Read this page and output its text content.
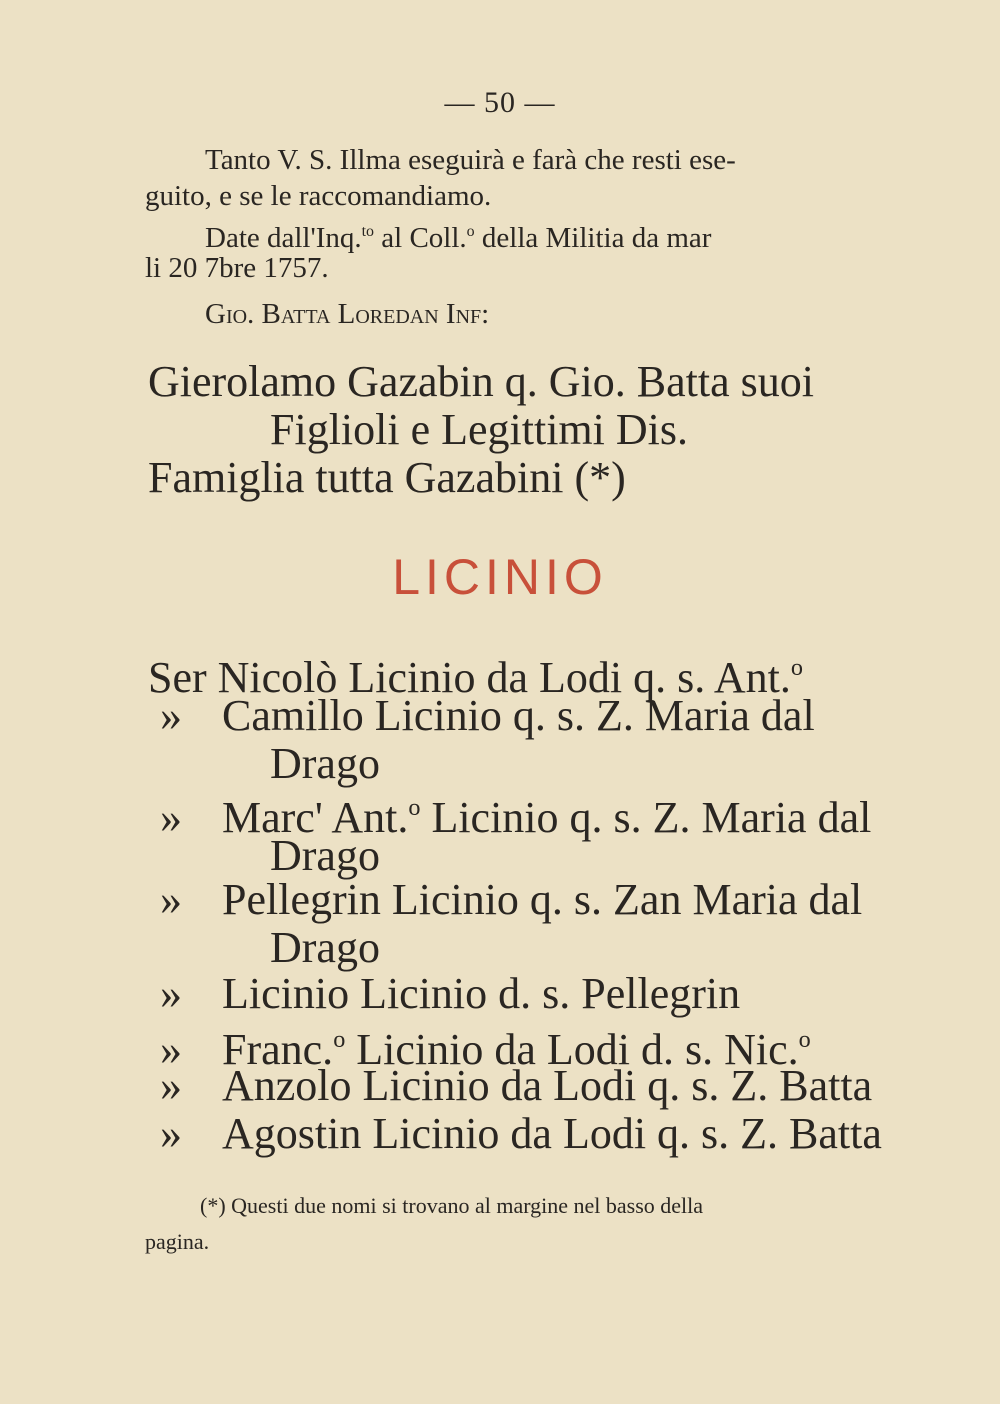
— 50 —
Tanto V. S. Illma eseguirà e farà che resti ese-
guito, e se le raccomandiamo.
Date dall'Inq.$^{to}$ al Coll.$^o$ della Militia da mar
li 20 7bre 1757.
Gio. Batta Loredan Inf:
Gierolamo Gazabin q. Gio. Batta suoi
Figlioli e Legittimi Dis.
Famiglia tutta Gazabini (*)
LICINIO
Ser Nicolò Licinio da Lodi q. s. Ant.$^o$
» Camillo Licinio q. s. Z. Maria dal
Drago
» Marc' Ant.$^o$ Licinio q. s. Z. Maria dal
Drago
» Pellegrin Licinio q. s. Zan Maria dal
Drago
» Licinio Licinio d. s. Pellegrin
» Franc.$^o$ Licinio da Lodi d. s. Nic.$^o$
» Anzolo Licinio da Lodi q. s. Z. Batta
» Agostin Licinio da Lodi q. s. Z. Batta
(*) Questi due nomi si trovano al margine nel basso della
pagina.
